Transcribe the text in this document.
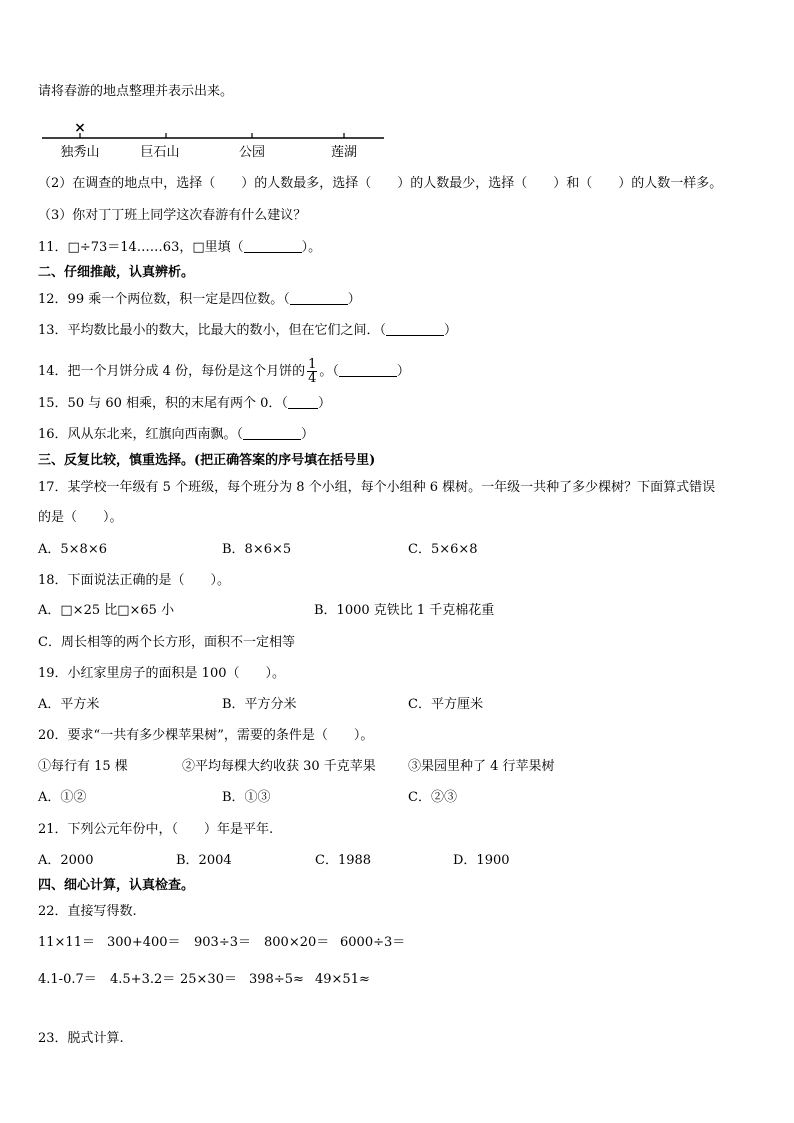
请将春游的地点整理并表示出来。
×
独秀山	巨石山	公园	莲湖
（2）在调查的地点中，选择（　　）的人数最多，选择（　　）的人数最少，选择（　　）和（　　）的人数一样多。
（3）你对丁丁班上同学这次春游有什么建议？
11．□÷73＝14……63，□里填（	）。
二、仔细推敲，认真辨析。
12．99 乘一个两位数，积一定是四位数。（	）
13．平均数比最小的数大，比最大的数小，但在它们之间．（	）
14．把一个月饼分成 4 份，每份是这个月饼的 $\frac{1}{4}$ 。（	）
15．50 与 60 相乘，积的末尾有两个 0．（ ）
16．风从东北来，红旗向西南飘。（	）
三、反复比较，慎重选择。(把正确答案的序号填在括号里)
17．某学校一年级有 5 个班级，每个班分为 8 个小组，每个小组种 6 棵树。一年级一共种了多少棵树？下面算式错误
的是（　　）。
A．5×8×6	B．8×6×5	C．5×6×8
18．下面说法正确的是（　　）。
A．□×25 比□×65 小	B．1000 克铁比 1 千克棉花重
C．周长相等的两个长方形，面积不一定相等
19．小红家里房子的面积是 100（　　）。
A．平方米	B．平方分米	C．平方厘米
20．要求“一共有多少棵苹果树”，需要的条件是（　　）。
①每行有 15 棵	②平均每棵大约收获 30 千克苹果 ③果园里种了 4 行苹果树
A．①②	B．①③	C．②③
21．下列公元年份中，（　　）年是平年.
A．2000	B．2004	C．1988	D．1900
四、细心计算，认真检查。
22．直接写得数.
11×11＝ 300+400＝ 903÷3＝ 800×20＝ 6000÷3＝
4.1-0.7＝ 4.5+3.2＝ 25×30＝ 398÷5≈ 49×51≈
23．脱式计算.
